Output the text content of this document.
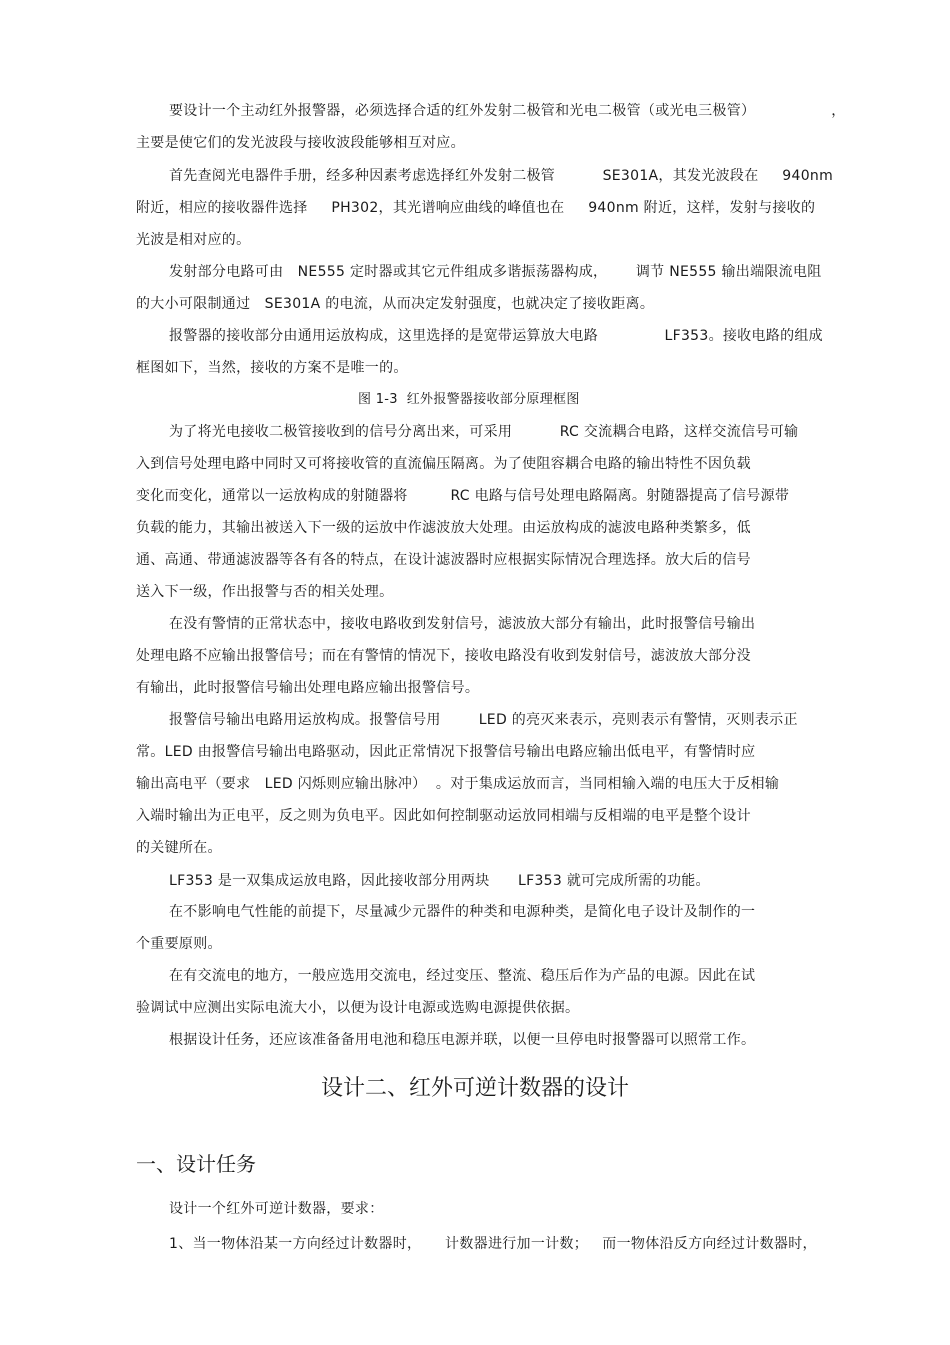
要设计一个主动红外报警器，必须选择合适的红外发射二极管和光电二极管（或光电三极管）                ，
主要是使它们的发光波段与接收波段能够相互对应。
首先查阅光电器件手册，经多种因素考虑选择红外发射二极管          SE301A，其发光波段在     940nm
附近，相应的接收器件选择     PH302，其光谱响应曲线的峰值也在     940nm 附近，这样，发射与接收的
光波是相对应的。
发射部分电路可由   NE555 定时器或其它元件组成多谐振荡器构成，      调节 NE555 输出端限流电阻
的大小可限制通过   SE301A 的电流，从而决定发射强度，也就决定了接收距离。
报警器的接收部分由通用运放构成，这里选择的是宽带运算放大电路              LF353。接收电路的组成
框图如下，当然，接收的方案不是唯一的。
图 1-3  红外报警器接收部分原理框图
为了将光电接收二极管接收到的信号分离出来，可采用          RC 交流耦合电路，这样交流信号可输
入到信号处理电路中同时又可将接收管的直流偏压隔离。为了使阻容耦合电路的输出特性不因负载
变化而变化，通常以一运放构成的射随器将         RC 电路与信号处理电路隔离。射随器提高了信号源带
负载的能力，其输出被送入下一级的运放中作滤波放大处理。由运放构成的滤波电路种类繁多，低
通、高通、带通滤波器等各有各的特点，在设计滤波器时应根据实际情况合理选择。放大后的信号
送入下一级，作出报警与否的相关处理。
在没有警情的正常状态中，接收电路收到发射信号，滤波放大部分有输出，此时报警信号输出
处理电路不应输出报警信号；而在有警情的情况下，接收电路没有收到发射信号，滤波放大部分没
有输出，此时报警信号输出处理电路应输出报警信号。
报警信号输出电路用运放构成。报警信号用        LED 的亮灭来表示，亮则表示有警情，灭则表示正
常。LED 由报警信号输出电路驱动，因此正常情况下报警信号输出电路应输出低电平，有警情时应
输出高电平（要求   LED 闪烁则应输出脉冲）  。对于集成运放而言，当同相输入端的电压大于反相输
入端时输出为正电平，反之则为负电平。因此如何控制驱动运放同相端与反相端的电平是整个设计
的关键所在。
LF353 是一双集成运放电路，因此接收部分用两块      LF353 就可完成所需的功能。
在不影响电气性能的前提下，尽量减少元器件的种类和电源种类，是简化电子设计及制作的一
个重要原则。
在有交流电的地方，一般应选用交流电，经过变压、整流、稳压后作为产品的电源。因此在试
验调试中应测出实际电流大小，以便为设计电源或选购电源提供依据。
根据设计任务，还应该准备备用电池和稳压电源并联，以便一旦停电时报警器可以照常工作。
设计二、红外可逆计数器的设计
一、设计任务
设计一个红外可逆计数器，要求：
1、当一物体沿某一方向经过计数器时，     计数器进行加一计数；   而一物体沿反方向经过计数器时，
